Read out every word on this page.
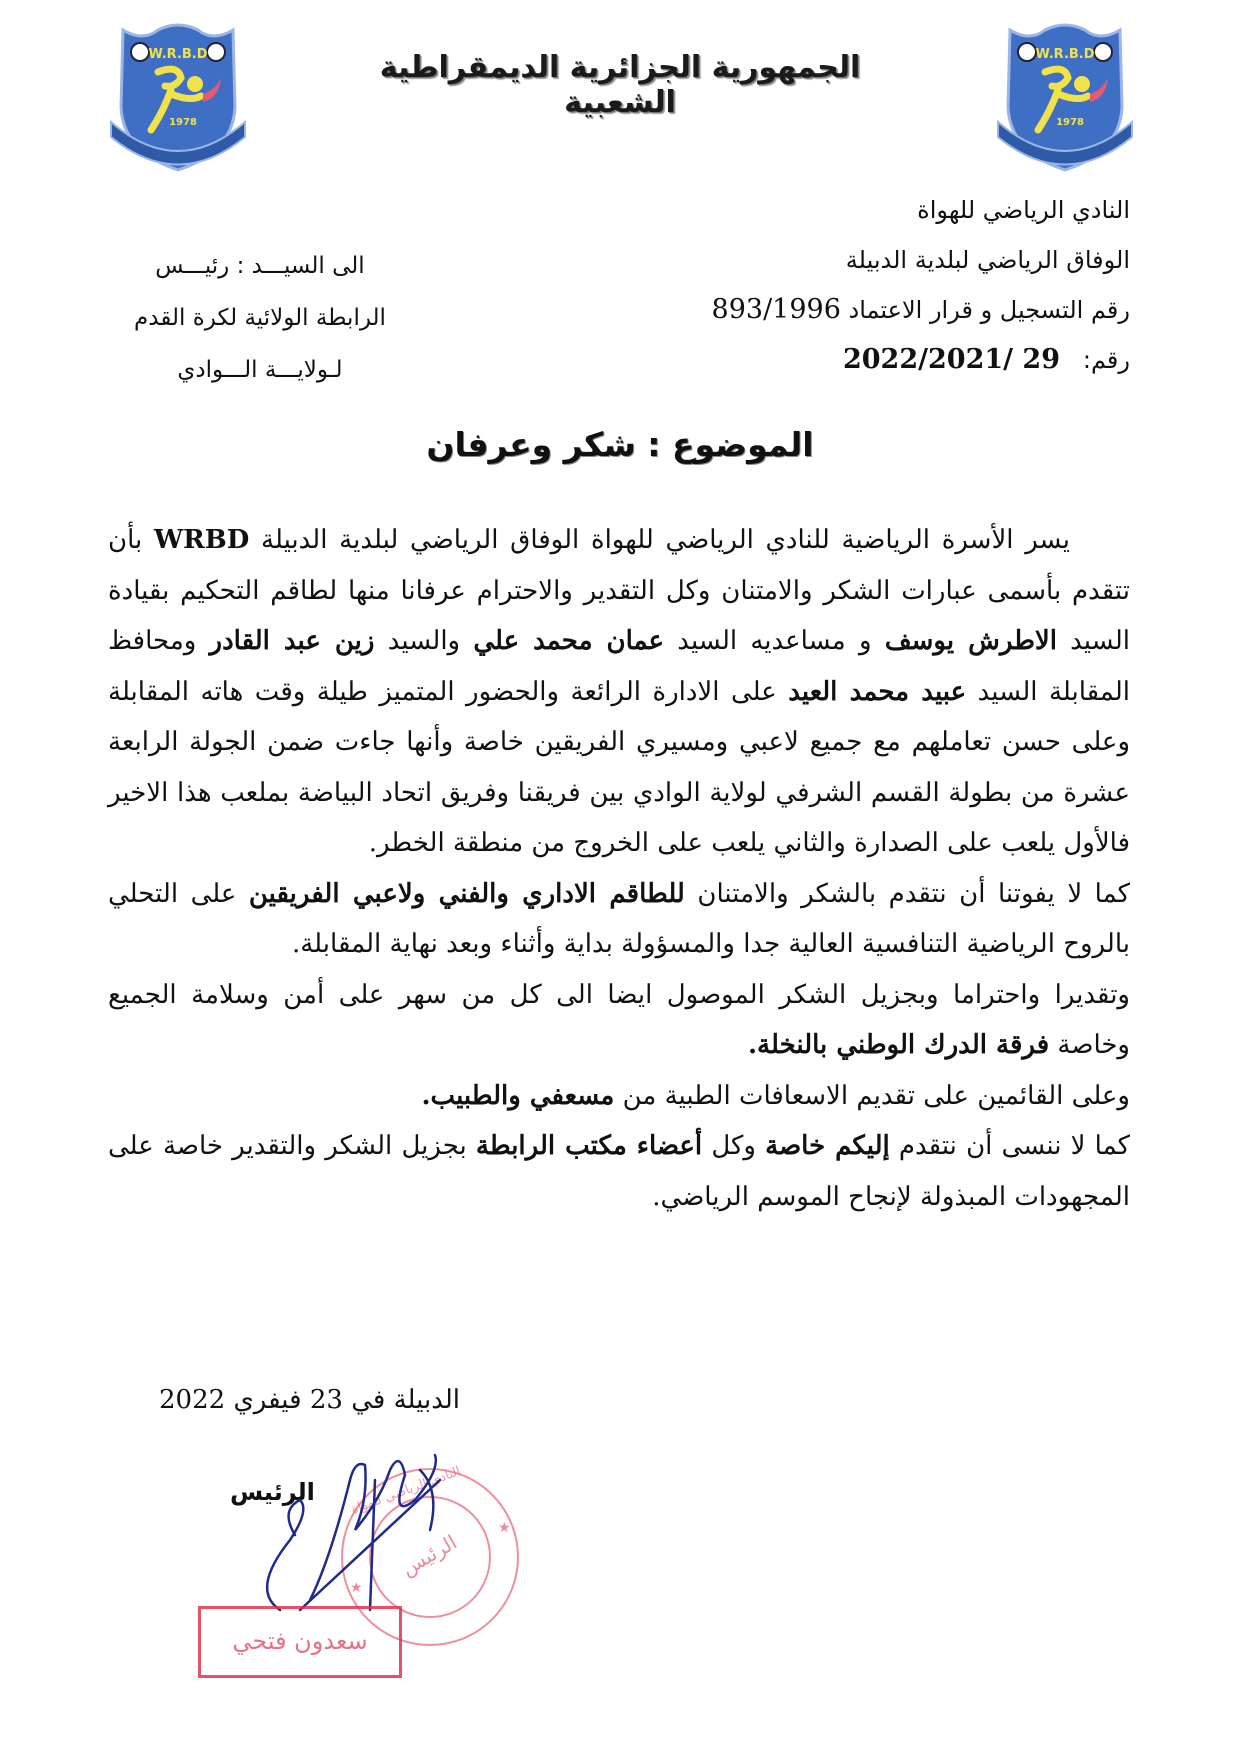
W.R.B.D
1978
W.R.B.D
1978
الجمهورية الجزائرية الديمقراطية الشعبية
النادي الرياضي للهواة
الوفاق الرياضي لبلدية الدبيلة
رقم التسجيل و قرار الاعتماد 893/1996
رقم:   29 /2022/2021
الى السيـــد : رئيـــس
الرابطة الولائية لكرة القدم
لـولايـــة الـــوادي
الموضوع : شكر وعرفان

يسر الأسرة الرياضية للنادي الرياضي للهواة الوفاق الرياضي لبلدية الدبيلة WRBD بأن تتقدم بأسمى عبارات الشكر والامتنان وكل التقدير والاحترام عرفانا منها لطاقم التحكيم بقيادة السيد الاطرش يوسف و مساعديه السيد عمان محمد علي والسيد زين عبد القادر ومحافظ المقابلة السيد عبيد محمد العيد على الادارة الرائعة والحضور المتميز طيلة وقت هاته المقابلة وعلى حسن تعاملهم مع جميع لاعبي ومسيري الفريقين خاصة وأنها جاءت ضمن الجولة الرابعة عشرة من بطولة القسم الشرفي لولاية الوادي بين فريقنا وفريق اتحاد البياضة بملعب هذا الاخير فالأول يلعب على الصدارة والثاني يلعب على الخروج من منطقة الخطر.

كما لا يفوتنا أن نتقدم بالشكر والامتنان للطاقم الاداري والفني ولاعبي الفريقين على التحلي بالروح الرياضية التنافسية العالية جدا والمسؤولة بداية وأثناء وبعد نهاية المقابلة.

وتقديرا واحتراما وبجزيل الشكر الموصول ايضا الى كل من سهر على أمن وسلامة الجميع وخاصة فرقة الدرك الوطني بالنخلة.

وعلى القائمين على تقديم الاسعافات الطبية من مسعفي والطبيب.

كما لا ننسى أن نتقدم إليكم خاصة وكل أعضاء مكتب الرابطة بجزيل الشكر والتقدير خاصة على المجهودات المبذولة لإنجاح الموسم الرياضي.

الدبيلة في 23 فيفري 2022
الرئيس
النادي الرياضي للهواة
★
★
الرئيس
سعدون فتحي
